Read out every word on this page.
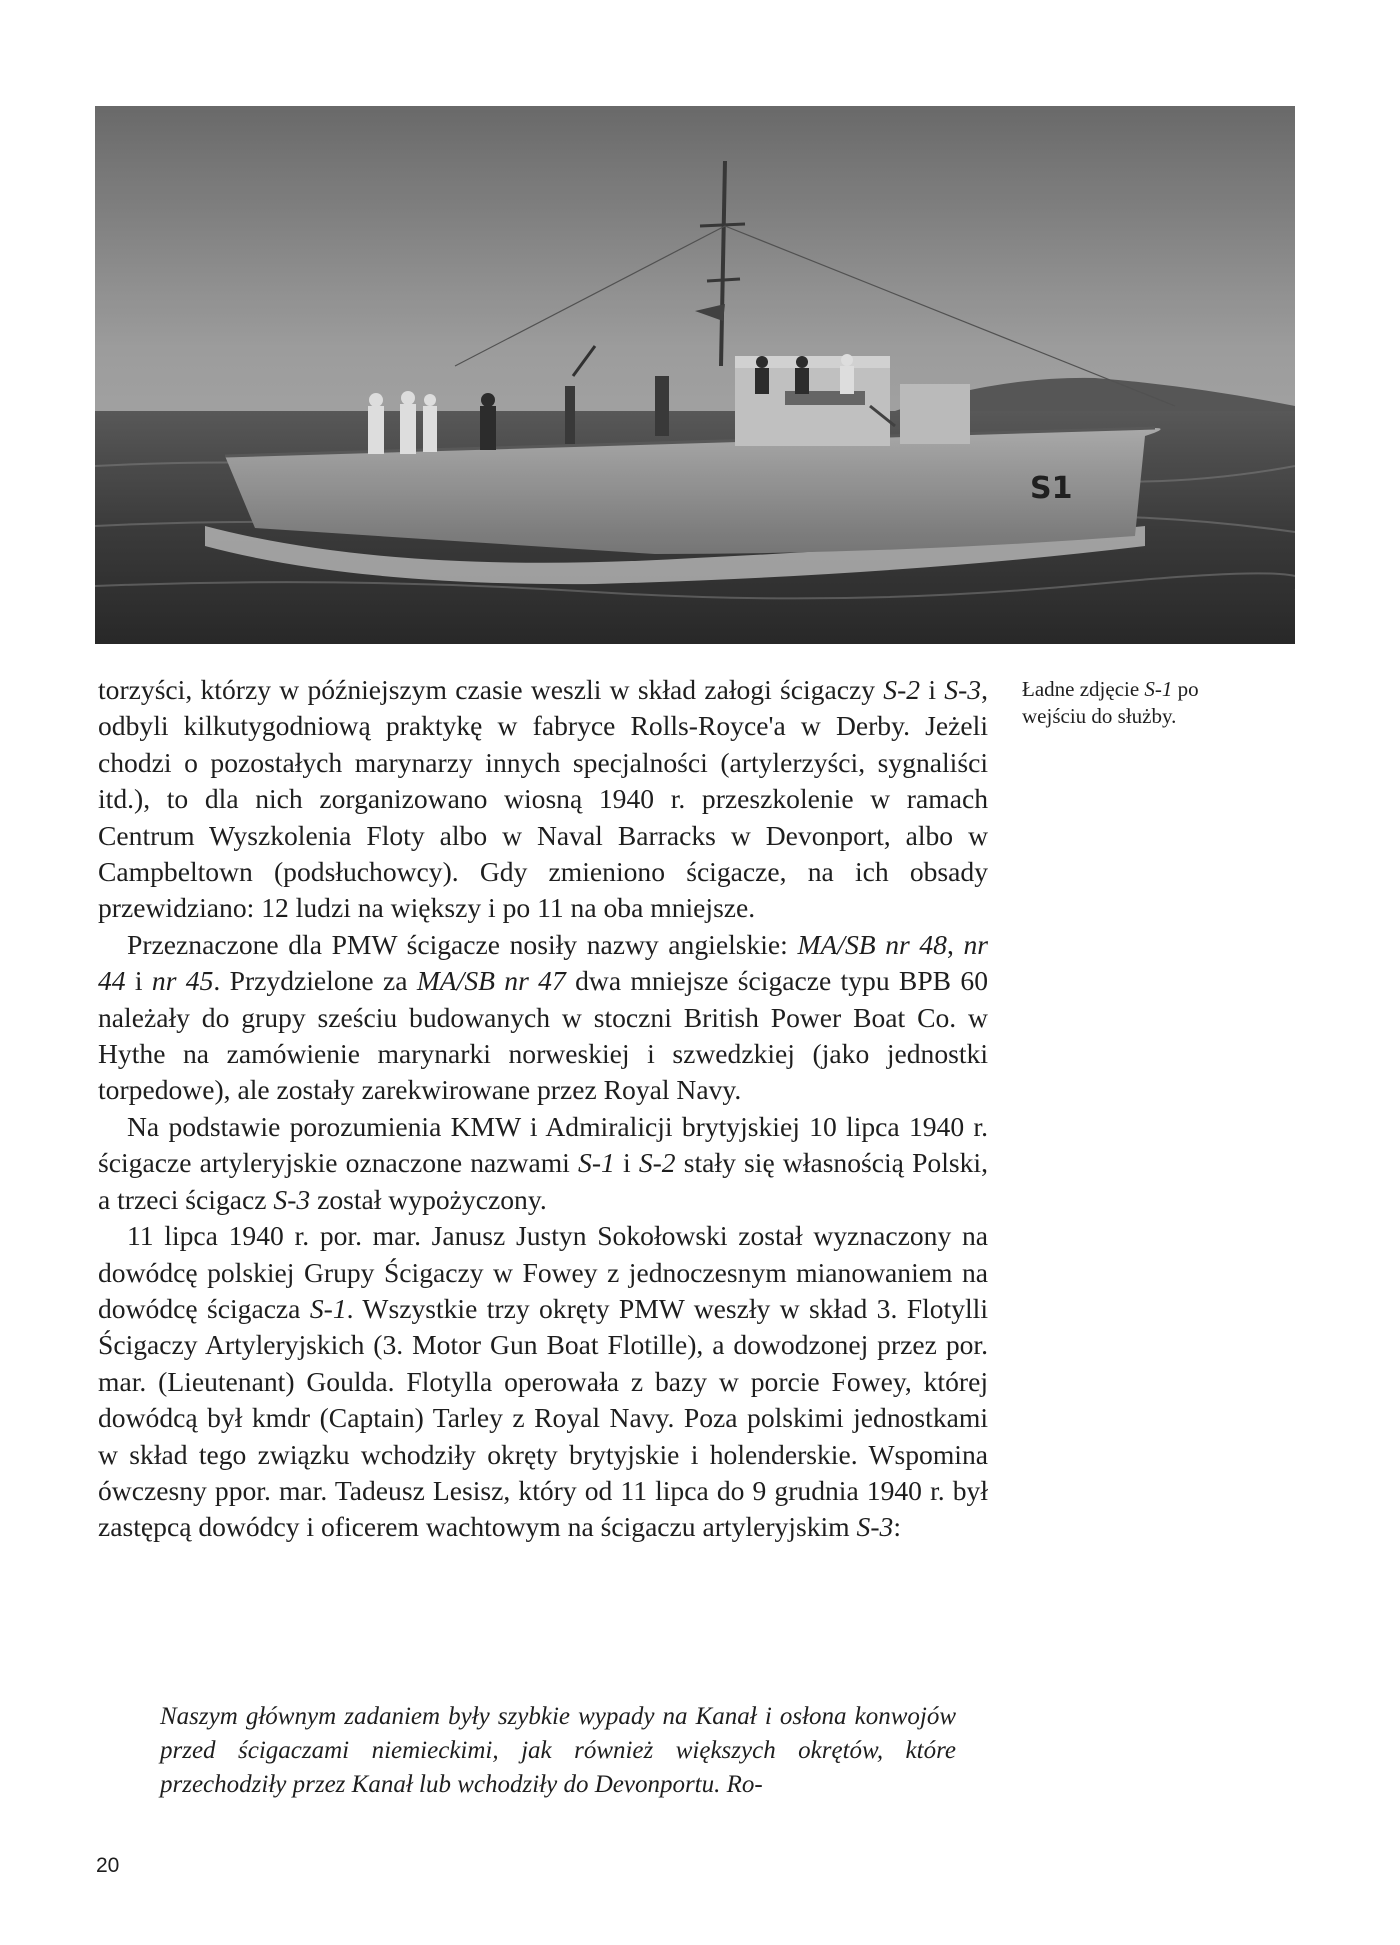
S1

torzyści, którzy w późniejszym czasie weszli w skład załogi ścigaczy S-2 i S-3, odbyli kilkutygodniową praktykę w fabryce Rolls-Royce'a w Derby. Jeżeli chodzi o pozostałych marynarzy innych specjalności (artylerzyści, sygnaliści itd.), to dla nich zorganizowano wiosną 1940 r. przeszkolenie w ramach Centrum Wyszkolenia Floty albo w Naval Barracks w Devonport, albo w Campbeltown (podsłuchowcy). Gdy zmieniono ścigacze, na ich obsady przewidziano: 12 ludzi na większy i po 11 na oba mniejsze.

Przeznaczone dla PMW ścigacze nosiły nazwy angielskie: MA/SB nr 48, nr 44 i nr 45. Przydzielone za MA/SB nr 47 dwa mniejsze ścigacze typu BPB 60 należały do grupy sześciu budowanych w stoczni British Power Boat Co. w Hythe na zamówienie marynarki norweskiej i szwedzkiej (jako jednostki torpedowe), ale zostały zarekwirowane przez Royal Navy.

Na podstawie porozumienia KMW i Admiralicji brytyjskiej 10 lipca 1940 r. ścigacze artyleryjskie oznaczone nazwami S-1 i S-2 stały się własnością Polski, a trzeci ścigacz S-3 został wypożyczony.

11 lipca 1940 r. por. mar. Janusz Justyn Sokołowski został wyznaczony na dowódcę polskiej Grupy Ścigaczy w Fowey z jednoczesnym mianowaniem na dowódcę ścigacza S-1. Wszystkie trzy okręty PMW weszły w skład 3. Flotylli Ścigaczy Artyleryjskich (3. Motor Gun Boat Flotille), a dowodzonej przez por. mar. (Lieutenant) Goulda. Flotylla operowała z bazy w porcie Fowey, której dowódcą był kmdr (Captain) Tarley z Royal Navy. Poza polskimi jednostkami w skład tego związku wchodziły okręty brytyjskie i holenderskie. Wspomina ówczesny ppor. mar. Tadeusz Lesisz, który od 11 lipca do 9 grudnia 1940 r. był zastępcą dowódcy i oficerem wachtowym na ścigaczu artyleryjskim S-3:

Ładne zdjęcie S-1 po wejściu do służby.
Naszym głównym zadaniem były szybkie wypady na Kanał i osłona konwojów przed ścigaczami niemieckimi, jak również większych okrętów, które przechodziły przez Kanał lub wchodziły do Devonportu. Ro-
20
